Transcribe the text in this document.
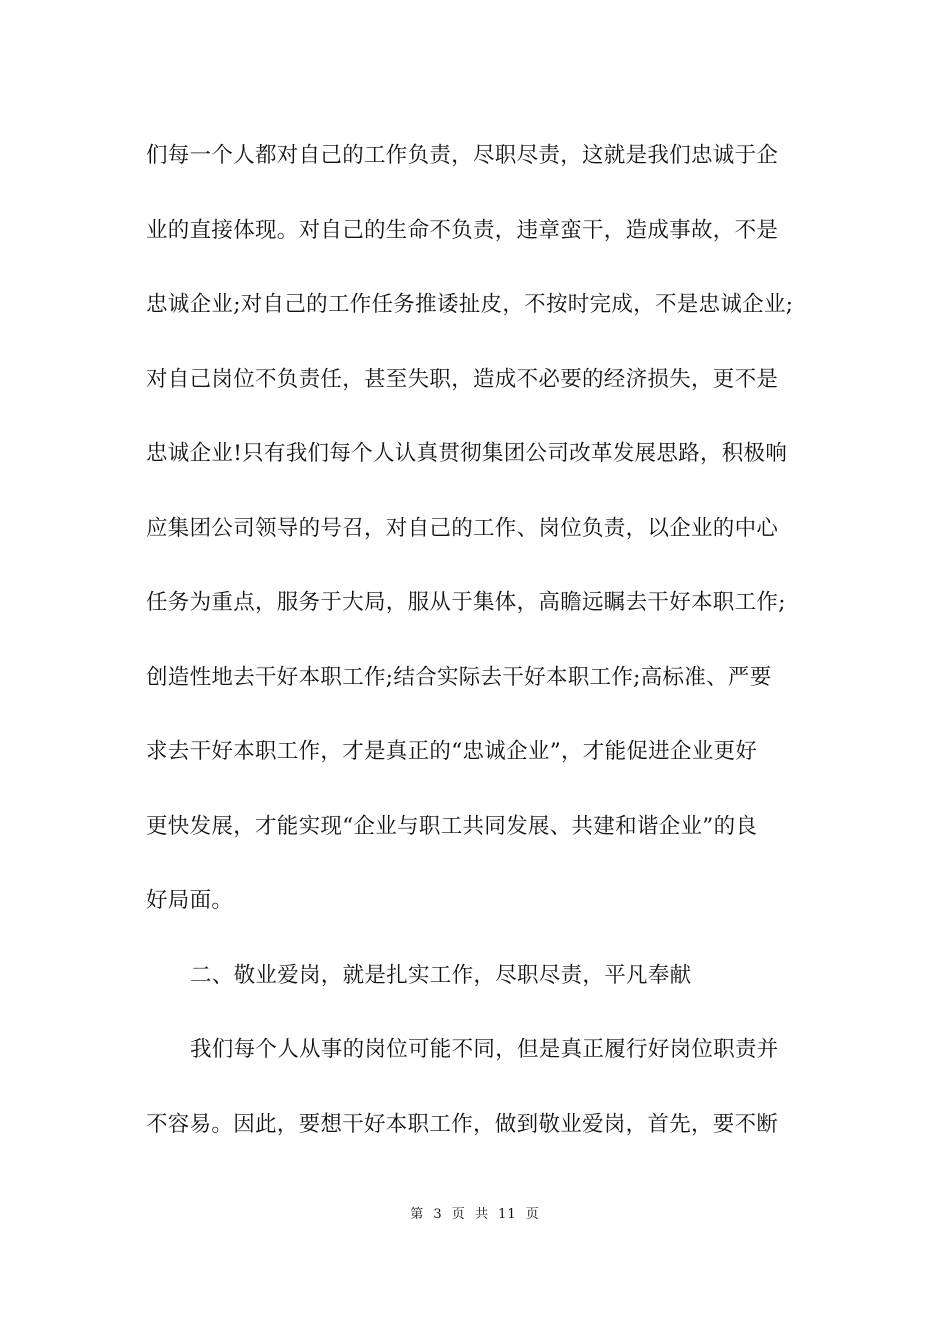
们每一个人都对自己的工作负责，尽职尽责，这就是我们忠诚于企
业的直接体现。对自己的生命不负责，违章蛮干，造成事故，不是
忠诚企业;对自己的工作任务推诿扯皮，不按时完成，不是忠诚企业;
对自己岗位不负责任，甚至失职，造成不必要的经济损失，更不是
忠诚企业!只有我们每个人认真贯彻集团公司改革发展思路，积极响
应集团公司领导的号召，对自己的工作、岗位负责，以企业的中心
任务为重点，服务于大局，服从于集体，高瞻远瞩去干好本职工作;
创造性地去干好本职工作;结合实际去干好本职工作;高标准、严要
求去干好本职工作，才是真正的“忠诚企业”，才能促进企业更好
更快发展，才能实现“企业与职工共同发展、共建和谐企业”的良
好局面。
二、敬业爱岗，就是扎实工作，尽职尽责，平凡奉献
我们每个人从事的岗位可能不同，但是真正履行好岗位职责并
不容易。因此，要想干好本职工作，做到敬业爱岗，首先，要不断
第 3 页 共 11 页
